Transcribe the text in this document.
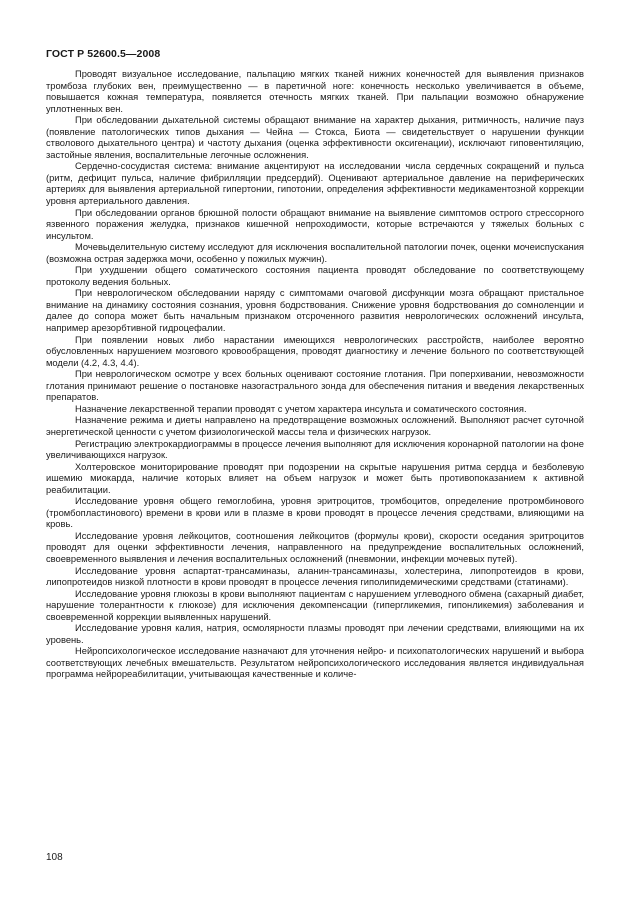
ГОСТ Р 52600.5—2008

Проводят визуальное исследование, пальпацию мягких тканей нижних конечностей для выявления признаков тромбоза глубоких вен, преимущественно — в паретичной ноге: конечность несколько увеличивается в объеме, повышается кожная температура, появляется отечность мягких тканей. При пальпации возможно обнаружение уплотненных вен.

При обследовании дыхательной системы обращают внимание на характер дыхания, ритмичность, наличие пауз (появление патологических типов дыхания — Чейна — Стокса, Биота — свидетельствует о нарушении функции стволового дыхательного центра) и частоту дыхания (оценка эффективности оксигенации), исключают гиповентиляцию, застойные явления, воспалительные легочные осложнения.

Сердечно-сосудистая система: внимание акцентируют на исследовании числа сердечных сокращений и пульса (ритм, дефицит пульса, наличие фибрилляции предсердий). Оценивают артериальное давление на периферических артериях для выявления артериальной гипертонии, гипотонии, определения эффективности медикаментозной коррекции уровня артериального давления.

При обследовании органов брюшной полости обращают внимание на выявление симптомов острого стрессорного язвенного поражения желудка, признаков кишечной непроходимости, которые встречаются у тяжелых больных с инсультом.

Мочевыделительную систему исследуют для исключения воспалительной патологии почек, оценки мочеиспускания (возможна острая задержка мочи, особенно у пожилых мужчин).

При ухудшении общего соматического состояния пациента проводят обследование по соответствующему протоколу ведения больных.

При неврологическом обследовании наряду с симптомами очаговой дисфункции мозга обращают пристальное внимание на динамику состояния сознания, уровня бодрствования. Снижение уровня бодрствования до сомноленции и далее до сопора может быть начальным признаком отсроченного развития неврологических осложнений инсульта, например арезорбтивной гидроцефалии.

При появлении новых либо нарастании имеющихся неврологических расстройств, наиболее вероятно обусловленных нарушением мозгового кровообращения, проводят диагностику и лечение больного по соответствующей модели (4.2, 4.3, 4.4).

При неврологическом осмотре у всех больных оценивают состояние глотания. При поперхивании, невозможности глотания принимают решение о постановке назогастрального зонда для обеспечения питания и введения лекарственных препаратов.

Назначение лекарственной терапии проводят с учетом характера инсульта и соматического состояния.

Назначение режима и диеты направлено на предотвращение возможных осложнений. Выполняют расчет суточной энергетической ценности с учетом физиологической массы тела и физических нагрузок.

Регистрацию электрокардиограммы в процессе лечения выполняют для исключения коронарной патологии на фоне увеличивающихся нагрузок.

Холтеровское мониторирование проводят при подозрении на скрытые нарушения ритма сердца и безболевую ишемию миокарда, наличие которых влияет на объем нагрузок и может быть противопоказанием к активной реабилитации.

Исследование уровня общего гемоглобина, уровня эритроцитов, тромбоцитов, определение протромбинового (тромбопластинового) времени в крови или в плазме в крови проводят в процессе лечения средствами, влияющими на кровь.

Исследование уровня лейкоцитов, соотношения лейкоцитов (формулы крови), скорости оседания эритроцитов проводят для оценки эффективности лечения, направленного на предупреждение воспалительных осложнений, своевременного выявления и лечения воспалительных осложнений (пневмонии, инфекции мочевых путей).

Исследование уровня аспартат-трансаминазы, аланин-трансаминазы, холестерина, липопротеидов в крови, липопротеидов низкой плотности в крови проводят в процессе лечения гиполипидемическими средствами (статинами).

Исследование уровня глюкозы в крови выполняют пациентам с нарушением углеводного обмена (сахарный диабет, нарушение толерантности к глюкозе) для исключения декомпенсации (гипергликемия, гипонликемия) заболевания и своевременной коррекции выявленных нарушений.

Исследование уровня калия, натрия, осмолярности плазмы проводят при лечении средствами, влияющими на их уровень.

Нейропсихологическое исследование назначают для уточнения нейро- и психопатологических нарушений и выбора соответствующих лечебных вмешательств. Результатом нейропсихологического исследования является индивидуальная программа нейрореабилитации, учитывающая качественные и количе-

108
